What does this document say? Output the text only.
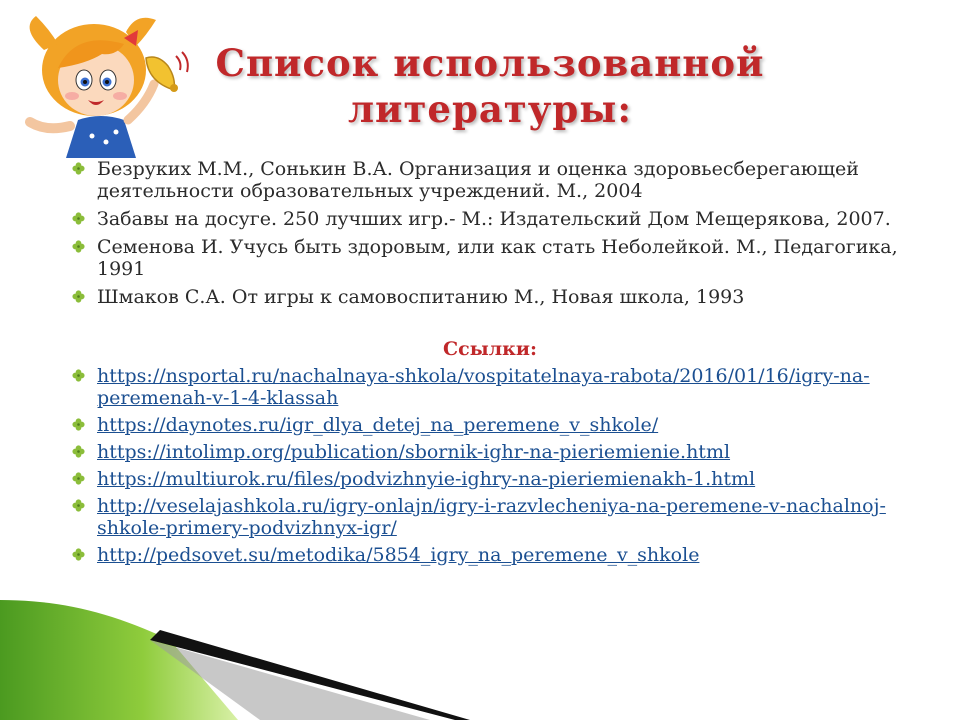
Список использованной
литературы:
Безруких М.М., Сонькин В.А. Организация и оценка здоровьесберегающей деятельности образовательных учреждений. М., 2004
Забавы на досуге. 250 лучших игр.- М.: Издательский Дом Мещерякова, 2007.
Семенова И. Учусь быть здоровым, или как стать Неболейкой. М., Педагогика, 1991
Шмаков С.А. От игры к самовоспитанию М., Новая школа, 1993
Ссылки:
https://nsportal.ru/nachalnaya-shkola/vospitatelnaya-rabota/2016/01/16/igry-na-peremenah-v-1-4-klassah
https://daynotes.ru/igr_dlya_detej_na_peremene_v_shkole/
https://intolimp.org/publication/sbornik-ighr-na-pieriemienie.html
https://multiurok.ru/files/podvizhnyie-ighry-na-pieriemienakh-1.html
http://veselajashkola.ru/igry-onlajn/igry-i-razvlecheniya-na-peremene-v-nachalnoj-shkole-primery-podvizhnyx-igr/
http://pedsovet.su/metodika/5854_igry_na_peremene_v_shkole
